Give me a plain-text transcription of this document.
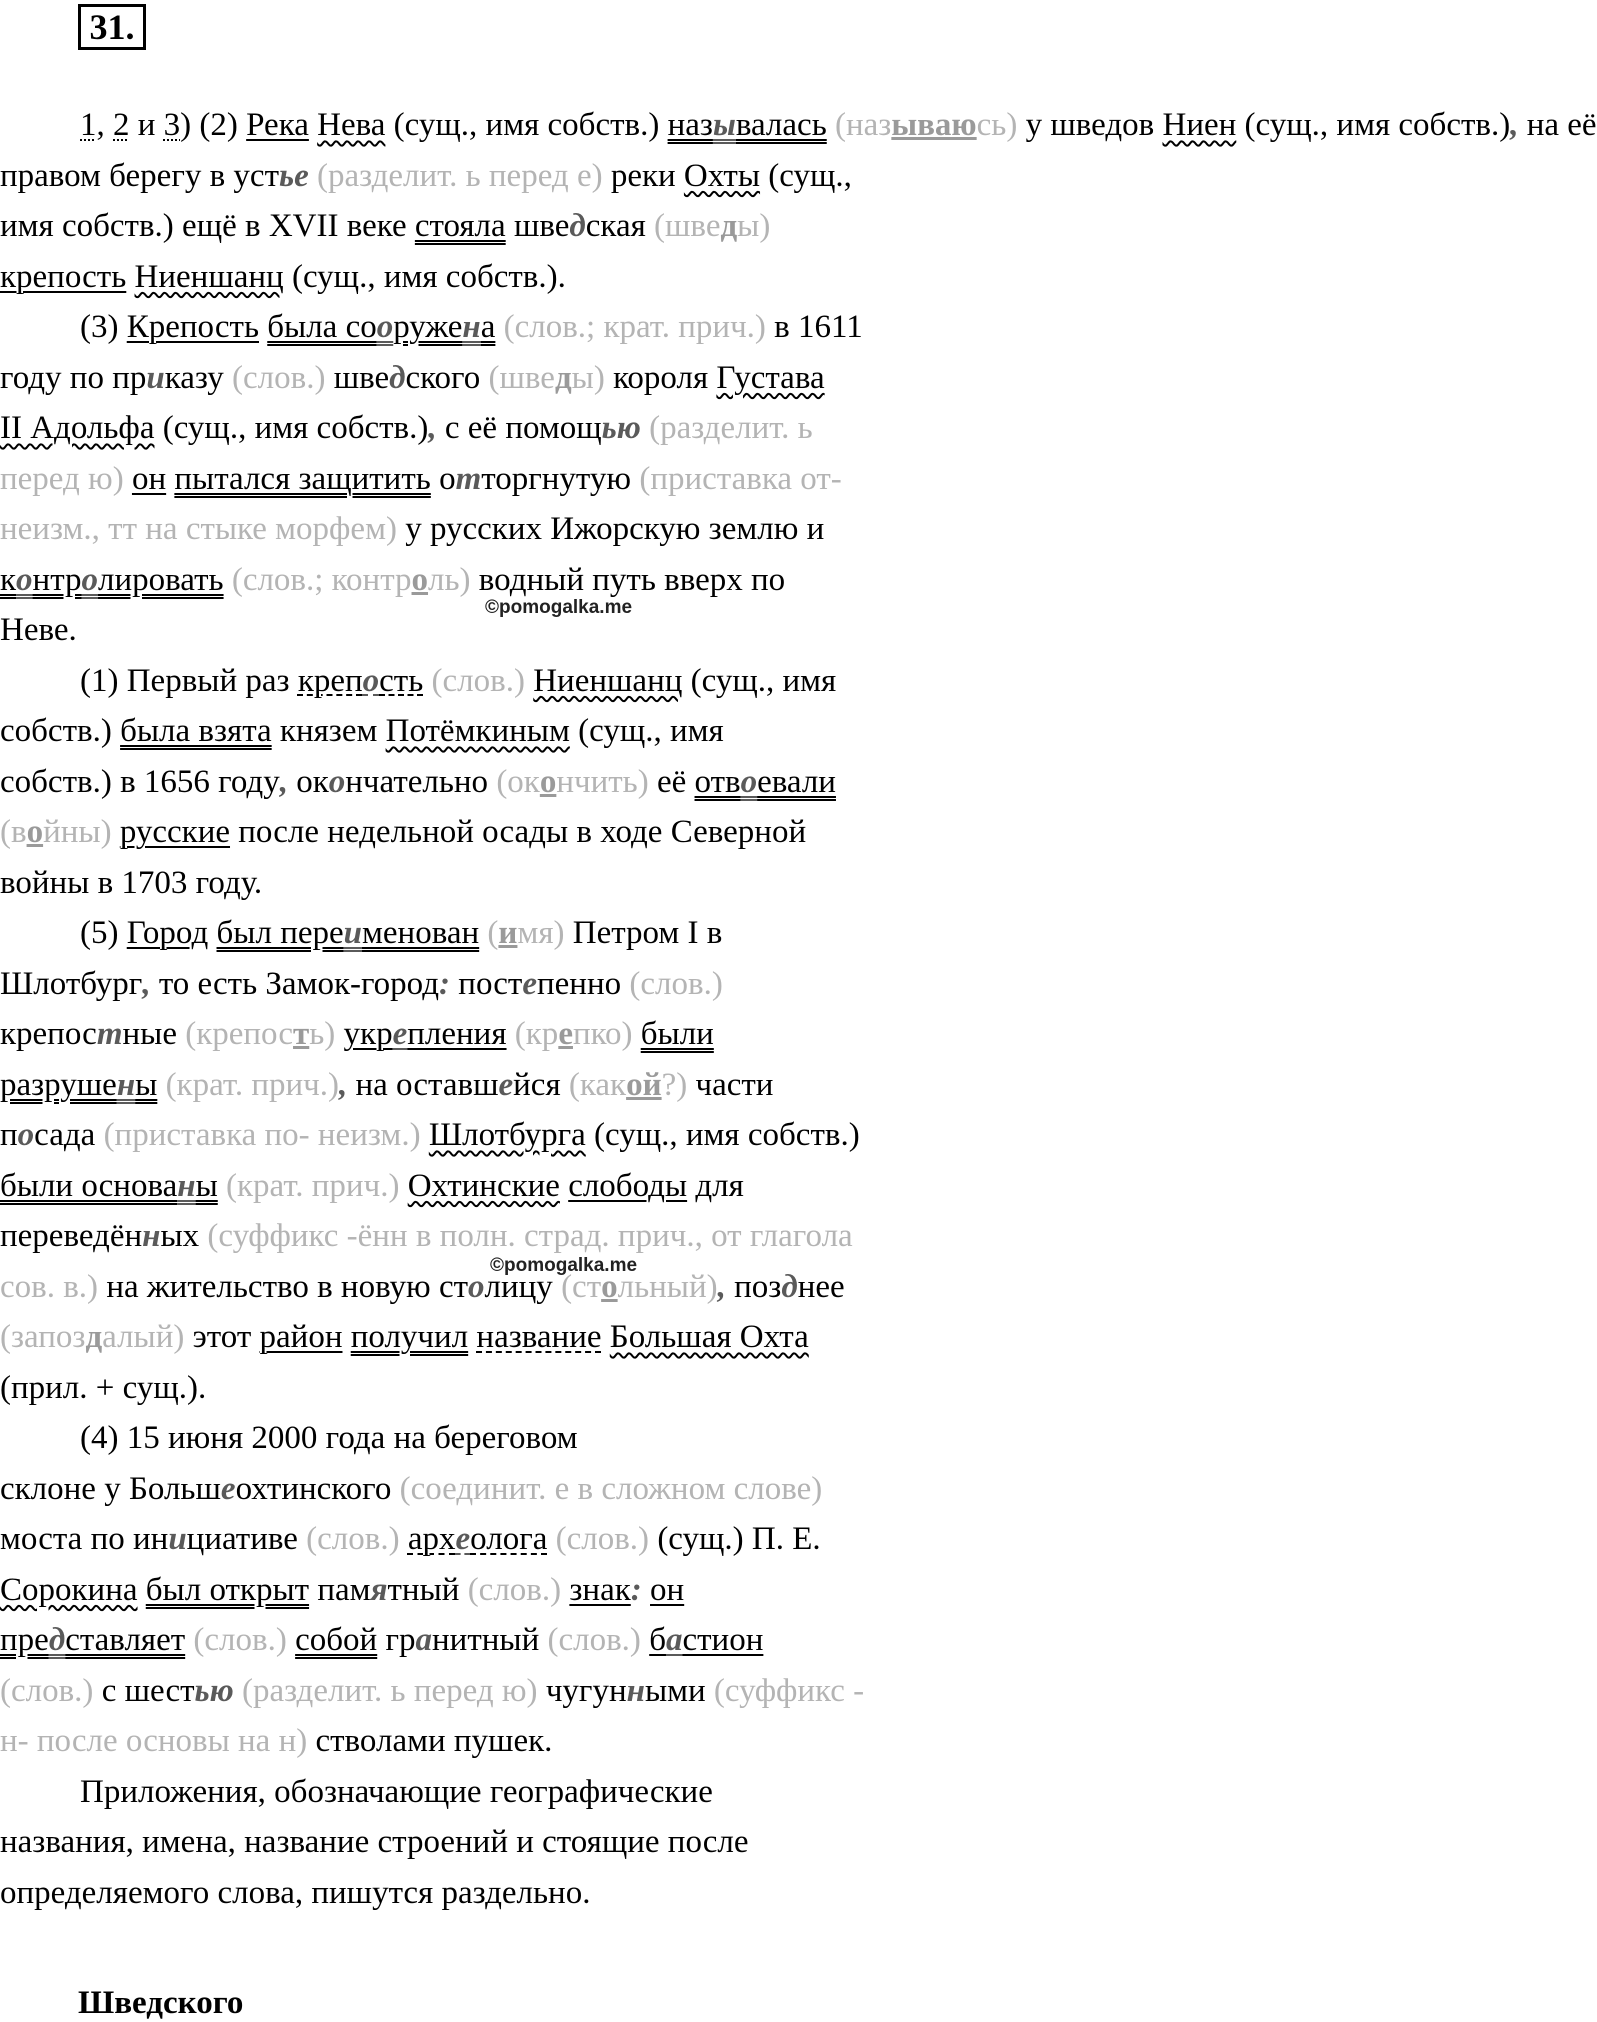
31.

1, 2 и 3) (2) Река Нева (сущ., имя собств.) называлась (называюсь) у шведов Ниен (сущ., имя собств.), на её
правом берегу в устье (разделит. ь перед е) реки Охты (сущ.,
имя собств.) ещё в XVII веке стояла шведская (шведы)
крепость Ниеншанц (сущ., имя собств.).

(3) Крепость была сооружена (слов.; крат. прич.) в 1611
году по приказу (слов.) шведского (шведы) короля Густава
II Адольфа (сущ., имя собств.), с её помощью (разделит. ь
перед ю) он пытался защитить отторгнутую (приставка от-
неизм., тт на стыке морфем) у русских Ижорскую землю и
контролировать (слов.; контроль) водный путь вверх по
Неве.

(1) Первый раз крепость (слов.) Ниеншанц (сущ., имя
собств.) была взята князем Потёмкиным (сущ., имя
собств.) в 1656 году, окончательно (окончить) её отвоевали
(войны) русские после недельной осады в ходе Северной
войны в 1703 году.

(5) Город был переименован (имя) Петром I в
Шлотбург, то есть Замок-город: постепенно (слов.)
крепостные (крепость) укрепления (крепко) были
разрушены (крат. прич.), на оставшейся (какой?) части
посада (приставка по- неизм.) Шлотбурга (сущ., имя собств.)
были основаны (крат. прич.) Охтинские слободы для
переведённых (суффикс -ённ в полн. страд. прич., от глагола
сов. в.) на жительство в новую столицу (стольный), позднее
(запоздалый) этот район получил название Большая Охта
(прил. + сущ.).

(4) 15 июня 2000 года на береговом
склоне у Большеохтинского (соединит. е в сложном слове)
моста по инициативе (слов.) археолога (слов.) (сущ.) П. Е.
Сорокина был открыт памятный (слов.) знак: он
представляет (слов.) собой гранитный (слов.) бастион
(слов.) с шестью (разделит. ь перед ю) чугунными (суффикс -
н- после основы на н) стволами пушек.

Приложения, обозначающие географические
названия, имена, название строений и стоящие после
определяемого слова, пишутся раздельно.

©pomogalka.me
©pomogalka.me
Шведского
